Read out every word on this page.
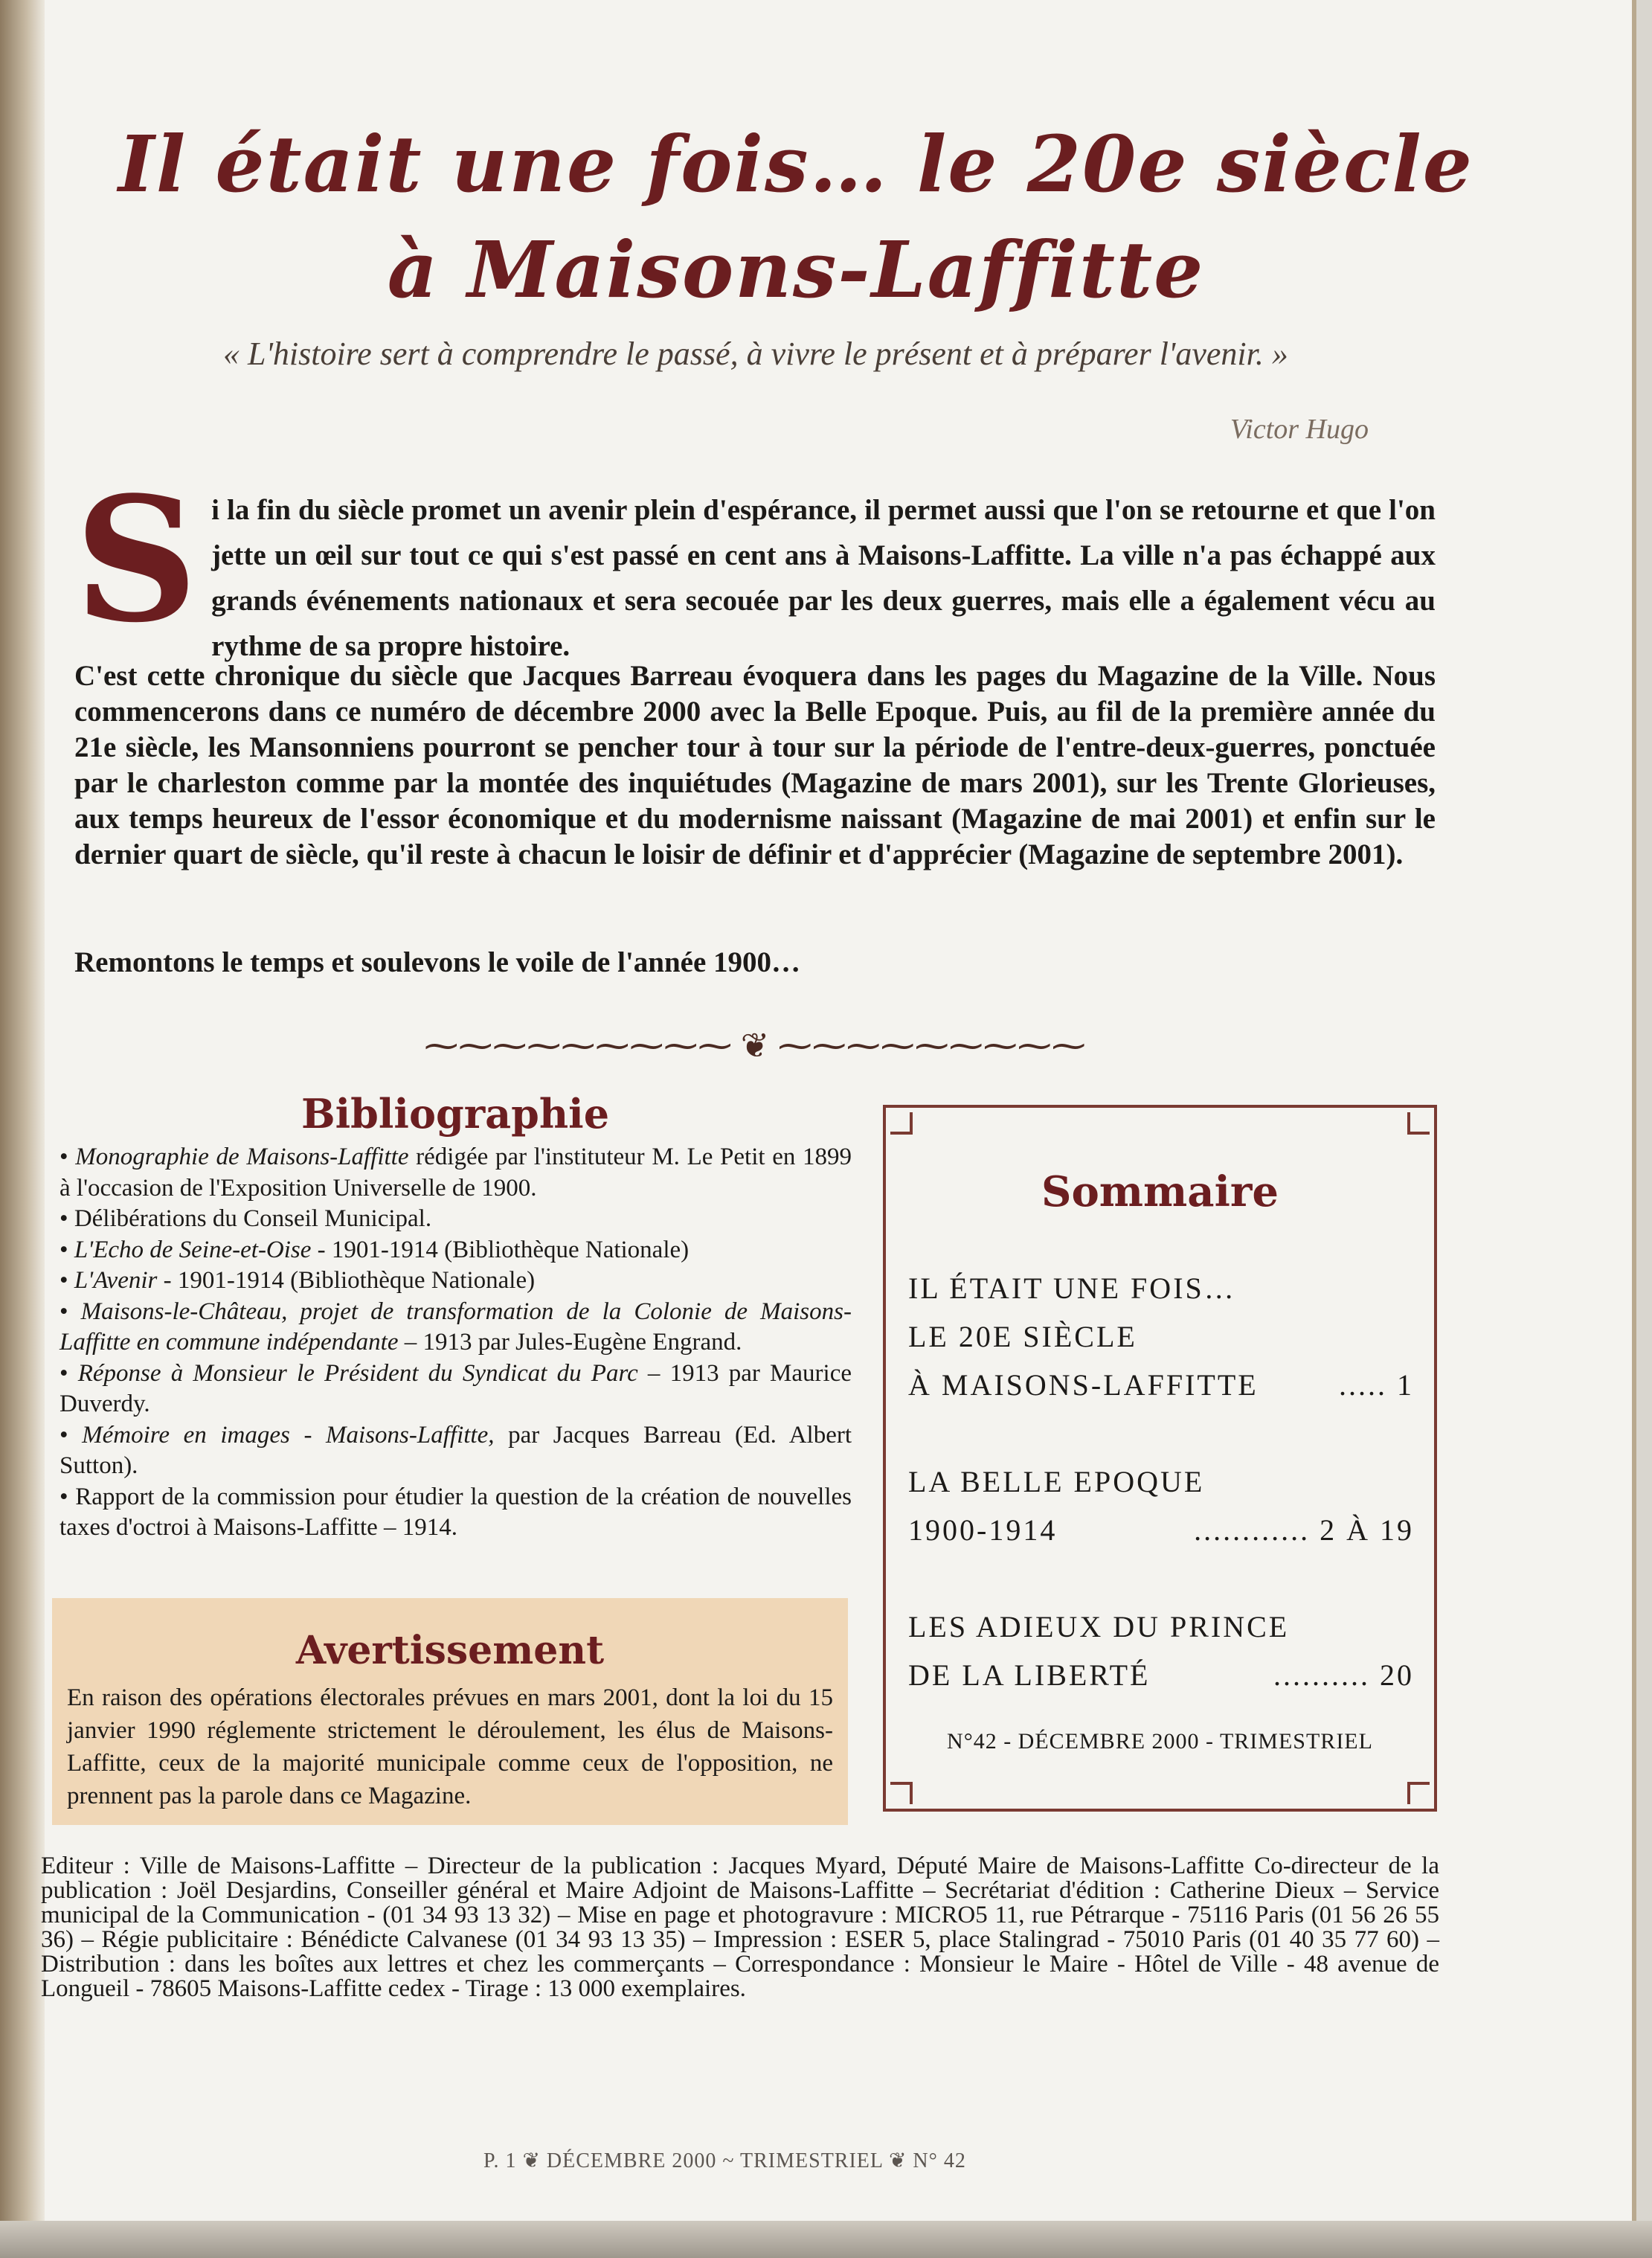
Il était une fois… le 20e siècle
à Maisons-Laffitte
« L'histoire sert à comprendre le passé, à vivre le présent et à préparer l'avenir. »
Victor Hugo
S i la fin du siècle promet un avenir plein d'espérance, il permet aussi que l'on se retourne et que l'on jette un œil sur tout ce qui s'est passé en cent ans à Maisons-Laffitte. La ville n'a pas échappé aux grands événements nationaux et sera secouée par les deux guerres, mais elle a également vécu au rythme de sa propre histoire.
C'est cette chronique du siècle que Jacques Barreau évoquera dans les pages du Magazine de la Ville. Nous commencerons dans ce numéro de décembre 2000 avec la Belle Epoque. Puis, au fil de la première année du 21e siècle, les Mansonniens pourront se pencher tour à tour sur la période de l'entre-deux-guerres, ponctuée par le charleston comme par la montée des inquiétudes (Magazine de mars 2001), sur les Trente Glorieuses, aux temps heureux de l'essor économique et du modernisme naissant (Magazine de mai 2001) et enfin sur le dernier quart de siècle, qu'il reste à chacun le loisir de définir et d'apprécier (Magazine de septembre 2001).
Remontons le temps et soulevons le voile de l'année 1900…
⁓⁓⁓⁓⁓⁓⁓⁓⁓ ❦ ⁓⁓⁓⁓⁓⁓⁓⁓⁓
Bibliographie

• Monographie de Maisons-Laffitte rédigée par l'instituteur M. Le Petit en 1899 à l'occasion de l'Exposition Universelle de 1900.

• Délibérations du Conseil Municipal.

• L'Echo de Seine-et-Oise - 1901-1914 (Bibliothèque Nationale)

• L'Avenir - 1901-1914 (Bibliothèque Nationale)

• Maisons-le-Château, projet de transformation de la Colonie de Maisons-Laffitte en commune indépendante – 1913 par Jules-Eugène Engrand.

• Réponse à Monsieur le Président du Syndicat du Parc – 1913 par Maurice Duverdy.

• Mémoire en images - Maisons-Laffitte, par Jacques Barreau (Ed. Albert Sutton).

• Rapport de la commission pour étudier la question de la création de nouvelles taxes d'octroi à Maisons-Laffitte – 1914.

Avertissement
En raison des opérations électorales prévues en mars 2001, dont la loi du 15 janvier 1990 réglemente strictement le déroulement, les élus de Maisons-Laffitte, ceux de la majorité municipale comme ceux de l'opposition, ne prennent pas la parole dans ce Magazine.
Sommaire
IL ÉTAIT UNE FOIS…
LE 20E SIÈCLE
À MAISONS-LAFFITTE	..... 1
LA BELLE EPOQUE
1900-1914	............ 2 À 19
LES ADIEUX DU PRINCE
DE LA LIBERTÉ	.......... 20
N°42 - DÉCEMBRE 2000 - TRIMESTRIEL
Editeur : Ville de Maisons-Laffitte – Directeur de la publication : Jacques Myard, Député Maire de Maisons-Laffitte Co-directeur de la publication : Joël Desjardins, Conseiller général et Maire Adjoint de Maisons-Laffitte – Secrétariat d'édition : Catherine Dieux – Service municipal de la Communication - (01 34 93 13 32) – Mise en page et photogravure : MICRO5 11, rue Pétrarque - 75116 Paris (01 56 26 55 36) – Régie publicitaire : Bénédicte Calvanese (01 34 93 13 35) – Impression : ESER 5, place Stalingrad - 75010 Paris (01 40 35 77 60) – Distribution : dans les boîtes aux lettres et chez les commerçants – Correspondance : Monsieur le Maire - Hôtel de Ville - 48 avenue de Longueil - 78605 Maisons-Laffitte cedex - Tirage : 13 000 exemplaires.
P. 1 ❦ DÉCEMBRE 2000 ~ TRIMESTRIEL ❦ N° 42
